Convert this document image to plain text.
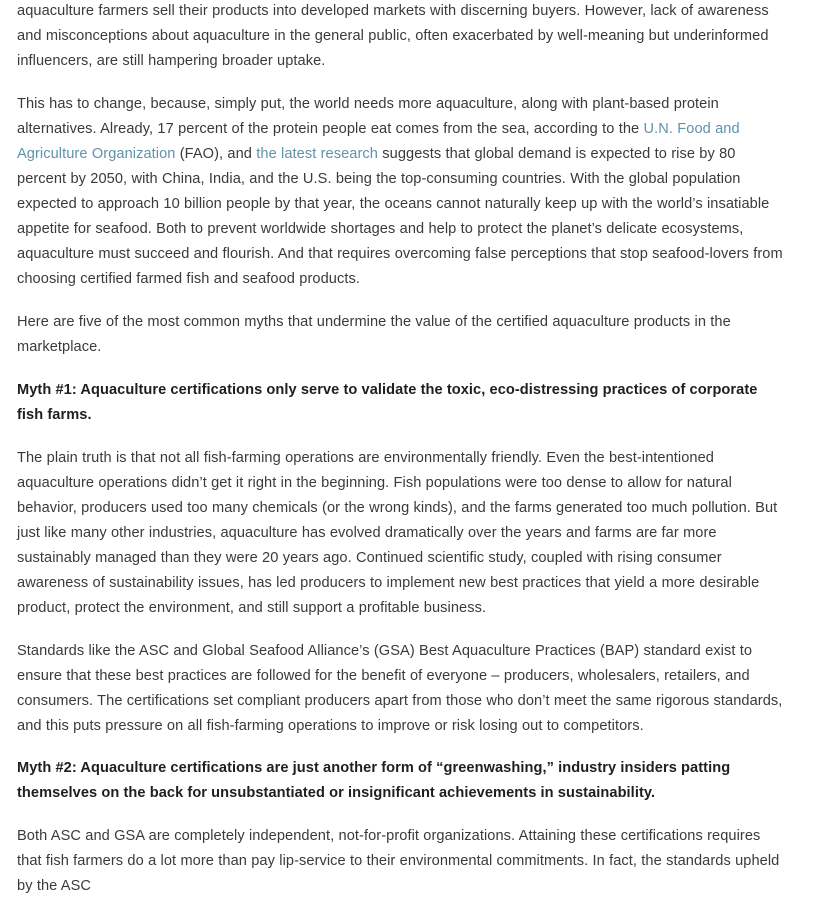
aquaculture farmers sell their products into developed markets with discerning buyers. However, lack of awareness and misconceptions about aquaculture in the general public, often exacerbated by well-meaning but underinformed influencers, are still hampering broader uptake.

This has to change, because, simply put, the world needs more aquaculture, along with plant-based protein alternatives. Already, 17 percent of the protein people eat comes from the sea, according to the U.N. Food and Agriculture Organization (FAO), and the latest research suggests that global demand is expected to rise by 80 percent by 2050, with China, India, and the U.S. being the top-consuming countries. With the global population expected to approach 10 billion people by that year, the oceans cannot naturally keep up with the world’s insatiable appetite for seafood. Both to prevent worldwide shortages and help to protect the planet’s delicate ecosystems, aquaculture must succeed and flourish. And that requires overcoming false perceptions that stop seafood-lovers from choosing certified farmed fish and seafood products.

Here are five of the most common myths that undermine the value of the certified aquaculture products in the marketplace.

Myth #1: Aquaculture certifications only serve to validate the toxic, eco-distressing practices of corporate fish farms.

The plain truth is that not all fish-farming operations are environmentally friendly. Even the best-intentioned aquaculture operations didn’t get it right in the beginning. Fish populations were too dense to allow for natural behavior, producers used too many chemicals (or the wrong kinds), and the farms generated too much pollution. But just like many other industries, aquaculture has evolved dramatically over the years and farms are far more sustainably managed than they were 20 years ago. Continued scientific study, coupled with rising consumer awareness of sustainability issues, has led producers to implement new best practices that yield a more desirable product, protect the environment, and still support a profitable business.

Standards like the ASC and Global Seafood Alliance’s (GSA) Best Aquaculture Practices (BAP) standard exist to ensure that these best practices are followed for the benefit of everyone – producers, wholesalers, retailers, and consumers. The certifications set compliant producers apart from those who don’t meet the same rigorous standards, and this puts pressure on all fish-farming operations to improve or risk losing out to competitors.

Myth #2: Aquaculture certifications are just another form of “greenwashing,” industry insiders patting themselves on the back for unsubstantiated or insignificant achievements in sustainability.

Both ASC and GSA are completely independent, not-for-profit organizations. Attaining these certifications requires that fish farmers do a lot more than pay lip-service to their environmental commitments. In fact, the standards upheld by the ASC
